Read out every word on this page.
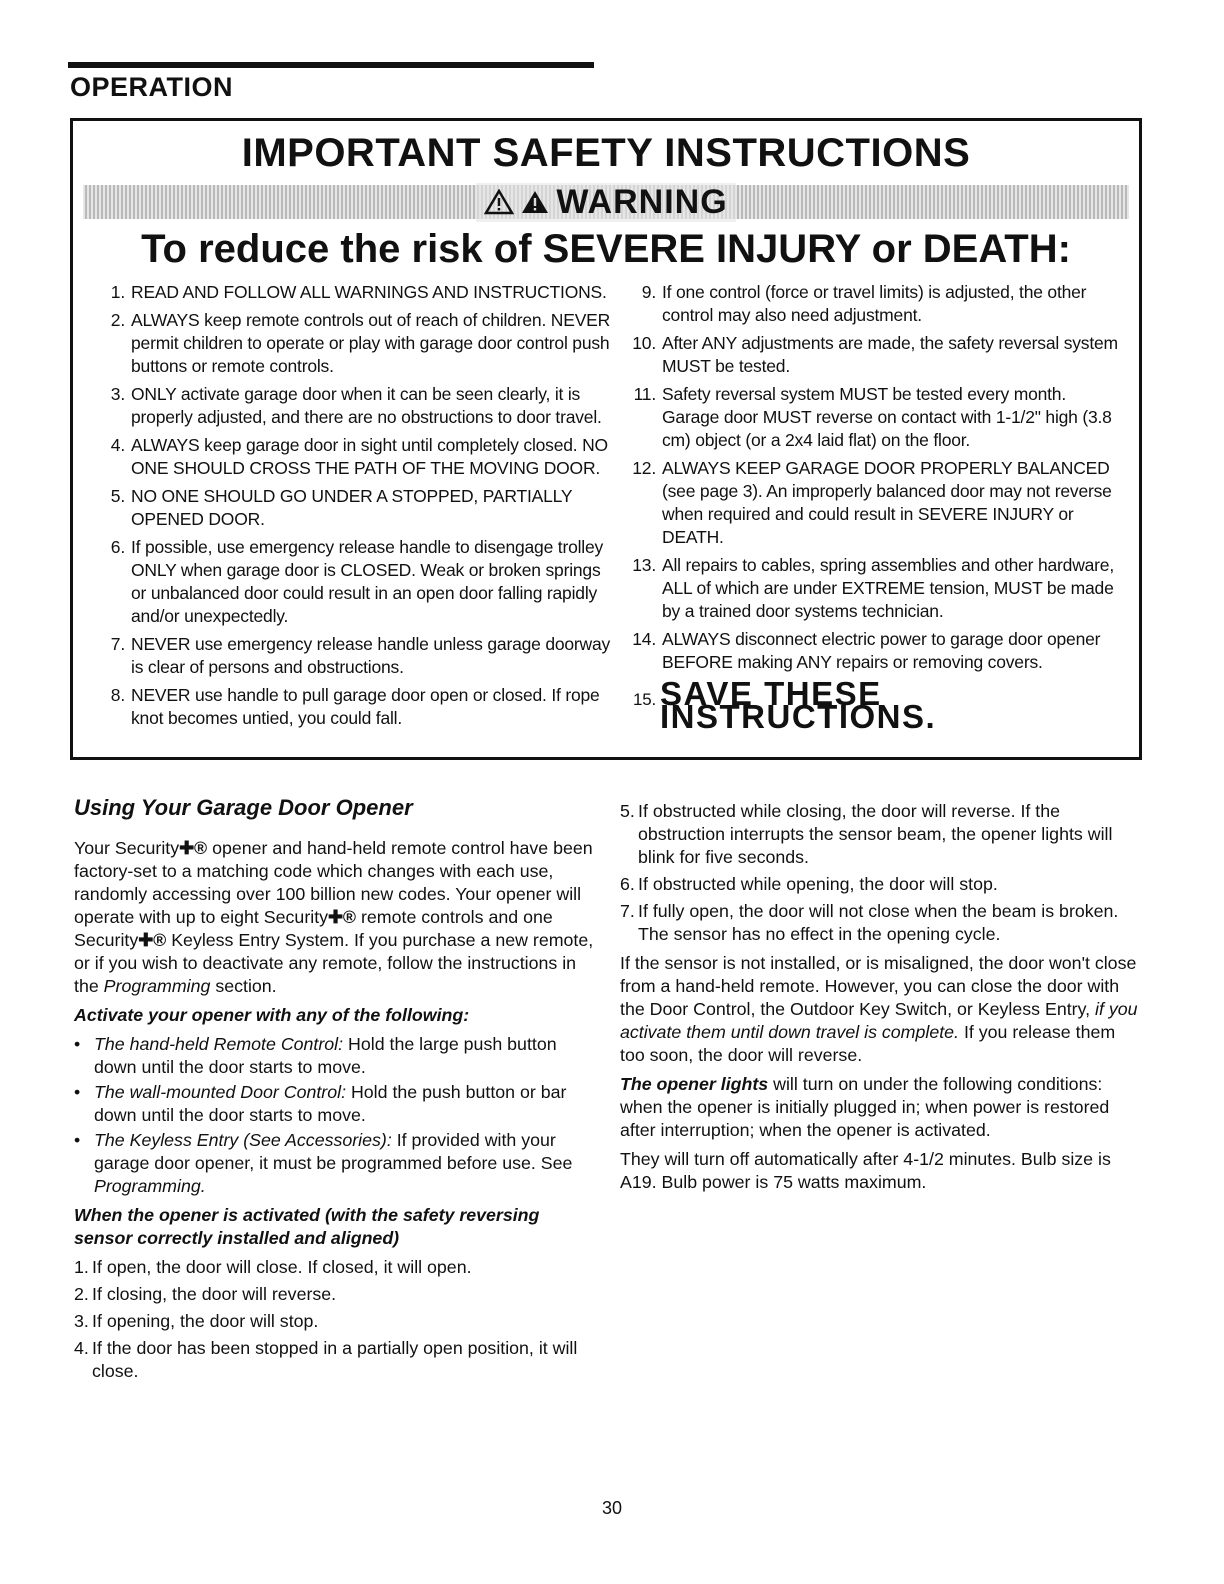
OPERATION
IMPORTANT SAFETY INSTRUCTIONS
WARNING
To reduce the risk of SEVERE INJURY or DEATH:
1. READ AND FOLLOW ALL WARNINGS AND INSTRUCTIONS.
2. ALWAYS keep remote controls out of reach of children. NEVER permit children to operate or play with garage door control push buttons or remote controls.
3. ONLY activate garage door when it can be seen clearly, it is properly adjusted, and there are no obstructions to door travel.
4. ALWAYS keep garage door in sight until completely closed. NO ONE SHOULD CROSS THE PATH OF THE MOVING DOOR.
5. NO ONE SHOULD GO UNDER A STOPPED, PARTIALLY OPENED DOOR.
6. If possible, use emergency release handle to disengage trolley ONLY when garage door is CLOSED. Weak or broken springs or unbalanced door could result in an open door falling rapidly and/or unexpectedly.
7. NEVER use emergency release handle unless garage doorway is clear of persons and obstructions.
8. NEVER use handle to pull garage door open or closed. If rope knot becomes untied, you could fall.
9. If one control (force or travel limits) is adjusted, the other control may also need adjustment.
10. After ANY adjustments are made, the safety reversal system MUST be tested.
11. Safety reversal system MUST be tested every month. Garage door MUST reverse on contact with 1-1/2" high (3.8 cm) object (or a 2x4 laid flat) on the floor.
12. ALWAYS KEEP GARAGE DOOR PROPERLY BALANCED (see page 3). An improperly balanced door may not reverse when required and could result in SEVERE INJURY or DEATH.
13. All repairs to cables, spring assemblies and other hardware, ALL of which are under EXTREME tension, MUST be made by a trained door systems technician.
14. ALWAYS disconnect electric power to garage door opener BEFORE making ANY repairs or removing covers.
15. SAVE THESE INSTRUCTIONS.
Using Your Garage Door Opener

Your Security✚® opener and hand-held remote control have been factory-set to a matching code which changes with each use, randomly accessing over 100 billion new codes. Your opener will operate with up to eight Security✚® remote controls and one Security✚® Keyless Entry System. If you purchase a new remote, or if you wish to deactivate any remote, follow the instructions in the Programming section.

Activate your opener with any of the following:

• The hand-held Remote Control: Hold the large push button down until the door starts to move.
• The wall-mounted Door Control: Hold the push button or bar down until the door starts to move.
• The Keyless Entry (See Accessories): If provided with your garage door opener, it must be programmed before use. See Programming.

When the opener is activated (with the safety reversing sensor correctly installed and aligned)

1. If open, the door will close. If closed, it will open.
2. If closing, the door will reverse.
3. If opening, the door will stop.
4. If the door has been stopped in a partially open position, it will close.
5. If obstructed while closing, the door will reverse. If the obstruction interrupts the sensor beam, the opener lights will blink for five seconds.
6. If obstructed while opening, the door will stop.
7. If fully open, the door will not close when the beam is broken. The sensor has no effect in the opening cycle.

If the sensor is not installed, or is misaligned, the door won't close from a hand-held remote. However, you can close the door with the Door Control, the Outdoor Key Switch, or Keyless Entry, if you activate them until down travel is complete. If you release them too soon, the door will reverse.

The opener lights will turn on under the following conditions: when the opener is initially plugged in; when power is restored after interruption; when the opener is activated.

They will turn off automatically after 4-1/2 minutes. Bulb size is A19. Bulb power is 75 watts maximum.

30
